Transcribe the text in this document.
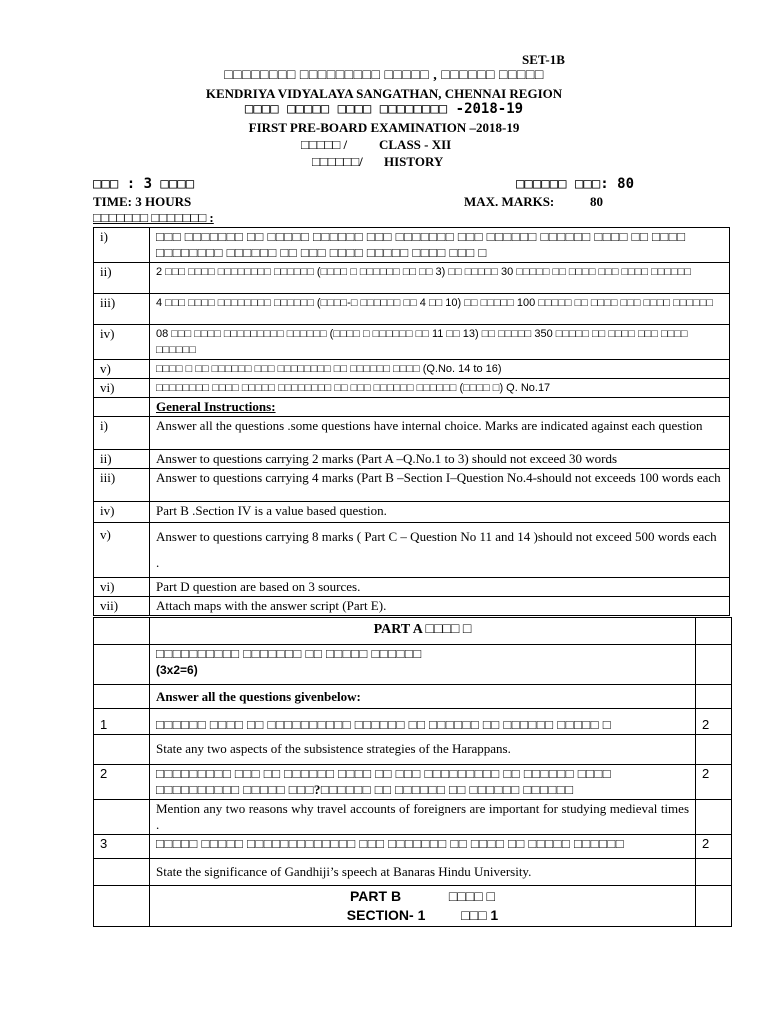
SET-1B
□□□□□□□□ □□□□□□□□□ □□□□□ , □□□□□□ □□□□□
KENDRIYA VIDYALAYA SANGATHAN, CHENNAI REGION
□□□□ □□□□□ □□□□ □□□□□□□□ -2018-19
FIRST PRE-BOARD EXAMINATION –2018-19
□□□□□ / CLASS - XII
□□□□□□/ HISTORY
□□□ : 3 □□□□	□□□□□□ □□□: 80
TIME: 3 HOURS	MAX. MARKS:	80
□□□□□□□ □□□□□□□ :
i)	□□□ □□□□□□□ □□ □□□□□ □□□□□□ □□□ □□□□□□□ □□□ □□□□□□ □□□□□□ □□□□ □□ □□□□ □□□□□□□□ □□□□□□ □□ □□□ □□□□ □□□□□ □□□□ □□□ □
ii)	2 □□□ □□□□ □□□□□□□□ □□□□□□ (□□□□ □ □□□□□□ □□ □□ 3) □□ □□□□□ 30 □□□□□ □□ □□□□ □□□ □□□□ □□□□□□
iii)	4 □□□ □□□□ □□□□□□□□ □□□□□□ (□□□□-□ □□□□□□ □□ 4 □□ 10) □□ □□□□□ 100 □□□□□ □□ □□□□ □□□ □□□□ □□□□□□
iv)	08 □□□ □□□□ □□□□□□□□□ □□□□□□ (□□□□ □ □□□□□□ □□ 11 □□ 13) □□ □□□□□ 350 □□□□□ □□ □□□□ □□□ □□□□ □□□□□□
v)	□□□□ □ □□ □□□□□□ □□□ □□□□□□□□ □□ □□□□□□ □□□□ (Q.No. 14 to 16)
vi)	□□□□□□□□ □□□□ □□□□□ □□□□□□□□ □□ □□□ □□□□□□ □□□□□□ (□□□□ □) Q. No.17
	General Instructions:
i)	Answer all the questions .some questions have internal choice. Marks are indicated against each question
ii)	Answer to questions carrying 2 marks (Part A –Q.No.1 to 3) should not exceed 30 words
iii)	Answer to questions carrying 4 marks (Part B –Section I–Question No.4-should not exceeds 100 words each
iv)	Part B .Section IV is a value based question.
v)	Answer to questions carrying 8 marks ( Part C – Question No 11 and 14 )should not exceed 500 words each .
vi)	Part D question are based on 3 sources.
vii)	Attach maps with the answer script (Part E).
	PART A □□□□ □	

	□□□□□□□□□□ □□□□□□□ □□ □□□□□ □□□□□□
(3x2=6)	

	Answer all the questions givenbelow:	
1	□□□□□□ □□□□ □□ □□□□□□□□□□ □□□□□□ □□ □□□□□□ □□ □□□□□□ □□□□□ □	2
	State any two aspects of the subsistence strategies of the Harappans.	
2	□□□□□□□□□ □□□ □□ □□□□□□ □□□□ □□ □□□ □□□□□□□□□ □□ □□□□□□ □□□□ □□□□□□□□□□ □□□□□ □□□?□□□□□□ □□ □□□□□□ □□ □□□□□□ □□□□□□	2
	Mention any two reasons why travel accounts of foreigners are important for studying medieval times .	
3	□□□□□ □□□□□ □□□□□□□□□□□□□ □□□ □□□□□□□ □□ □□□□ □□ □□□□□ □□□□□□	2
	State the significance of Gandhiji’s speech at Banaras Hindu University.	

	PART B □□□□ □
SECTION- 1 □□□ 1	
